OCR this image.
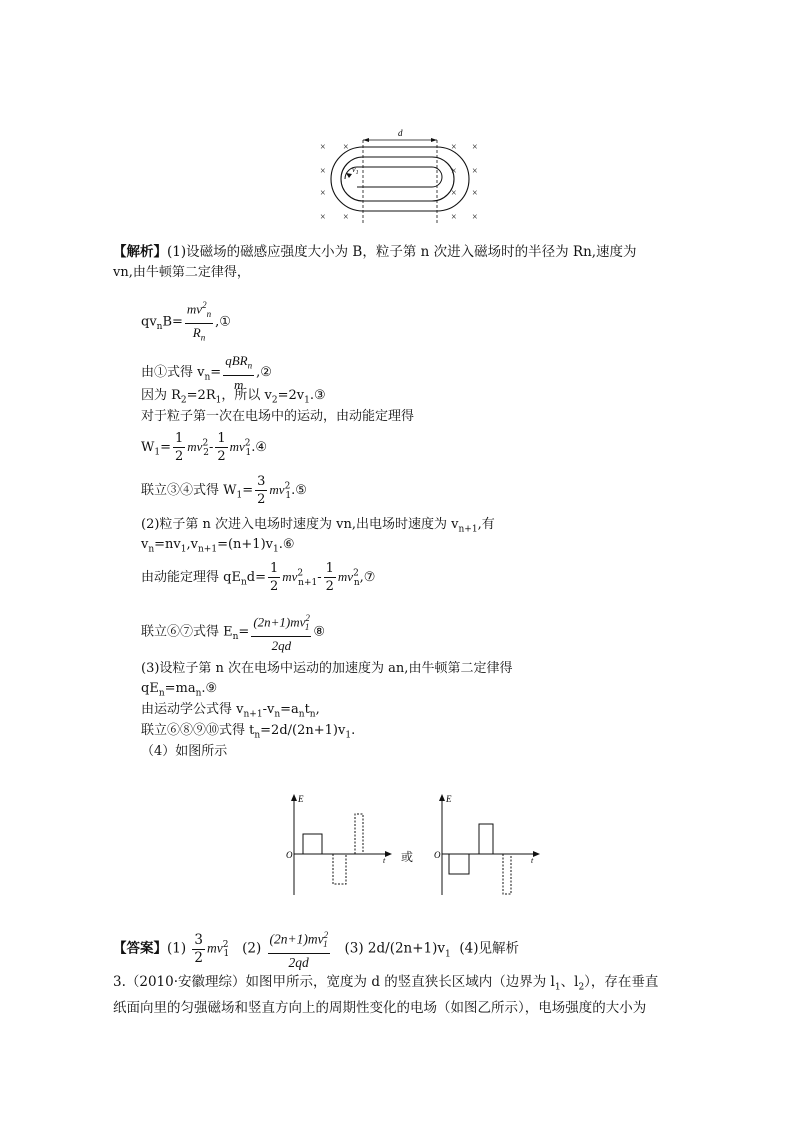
d
$v_1$
× ×	× ×
×	× ×
×	× ×
× ×	× ×
【解析】(1)设磁场的磁感应强度大小为 B，粒子第 n 次进入磁场时的半径为 Rn,速度为
vn,由牛顿第二定律得，
$qv_nB= \frac{mv^2_n}{R_n}$ ,①
由①式得 $v_n= \frac{qBR_n}{m}$ ,②
因为 $R_2=2R_1$，所以 $v_2=2v_1.③$
对于粒子第一次在电场中的运动，由动能定理得
$W_1= \frac{1}{2} mv^2_2- \frac{1}{2}$ $mv^2_1.④$
联立③④式得 $W_1= \frac{3}{2}$ $mv^2_1.⑤$
(2)粒子第 n 次进入电场时速度为 vn,出电场时速度为 $v_{n+1}$,有
$v_n=nv_1,v_{n+1}=(n+1)v_1.⑥$
由动能定理得 $qE_nd= \frac{1}{2} mv^2_{n+1}- \frac{1}{2}$ $mv^2_n,⑦$
联立⑥⑦式得 $E_n= \frac{(2n+1)mv^2_1}{2qd}$ ⑧
(3)设粒子第 n 次在电场中运动的加速度为 an,由牛顿第二定律得
$qE_n=ma_n.⑨$
由运动学公式得 $v_{n+1}-v_n=a_nt_n$,
联立⑥⑧⑨⑩式得 $t_n=2d/(2n+1)v_1$.
（4）如图所示
E
t
O	或
E
t
O
【答案】$(1) \frac{3}{2} mv^2_1$ $(2) \frac{(2n+1)mv^2_1}{2qd} (3)$ $2d/(2n+1)v_1$ (4)见解析
3.（2010·安徽理综）如图甲所示，宽度为 d 的竖直狭长区域内（边界为 $l_1$、$l_2$），存在垂直
纸面向里的匀强磁场和竖直方向上的周期性变化的电场（如图乙所示），电场强度的大小为
